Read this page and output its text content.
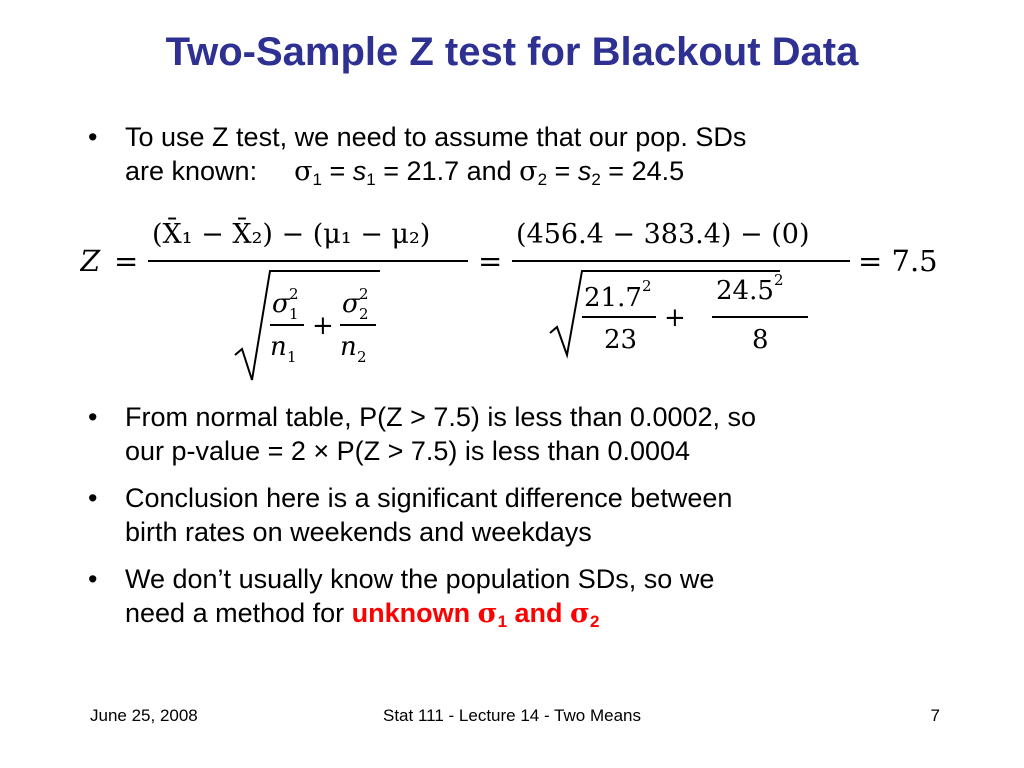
Two-Sample Z test for Blackout Data
• To use Z test, we need to assume that our pop. SDs
are known: $\sigma_1 = s_1 = 21.7$ and $\sigma_2 = s_2 = 24.5$
Z =
(X̄₁ − X̄₂) − (μ₁ − μ₂)
σ 2
1
n 1
+
σ 2
2
n 2
=
(456.4 − 383.4) − (0)
21.7 2
23
+
24.5 2
8
= 7.5
• From normal table, P(Z > 7.5) is less than 0.0002, so
our p-value = 2 × P(Z > 7.5) is less than 0.0004
• Conclusion here is a significant difference between
birth rates on weekends and weekdays
• We don’t usually know the population SDs, so we
need a method for unknown $\sigma_1$ and $\sigma_2$
June 25, 2008	Stat 111 - Lecture 14 - Two Means	7
